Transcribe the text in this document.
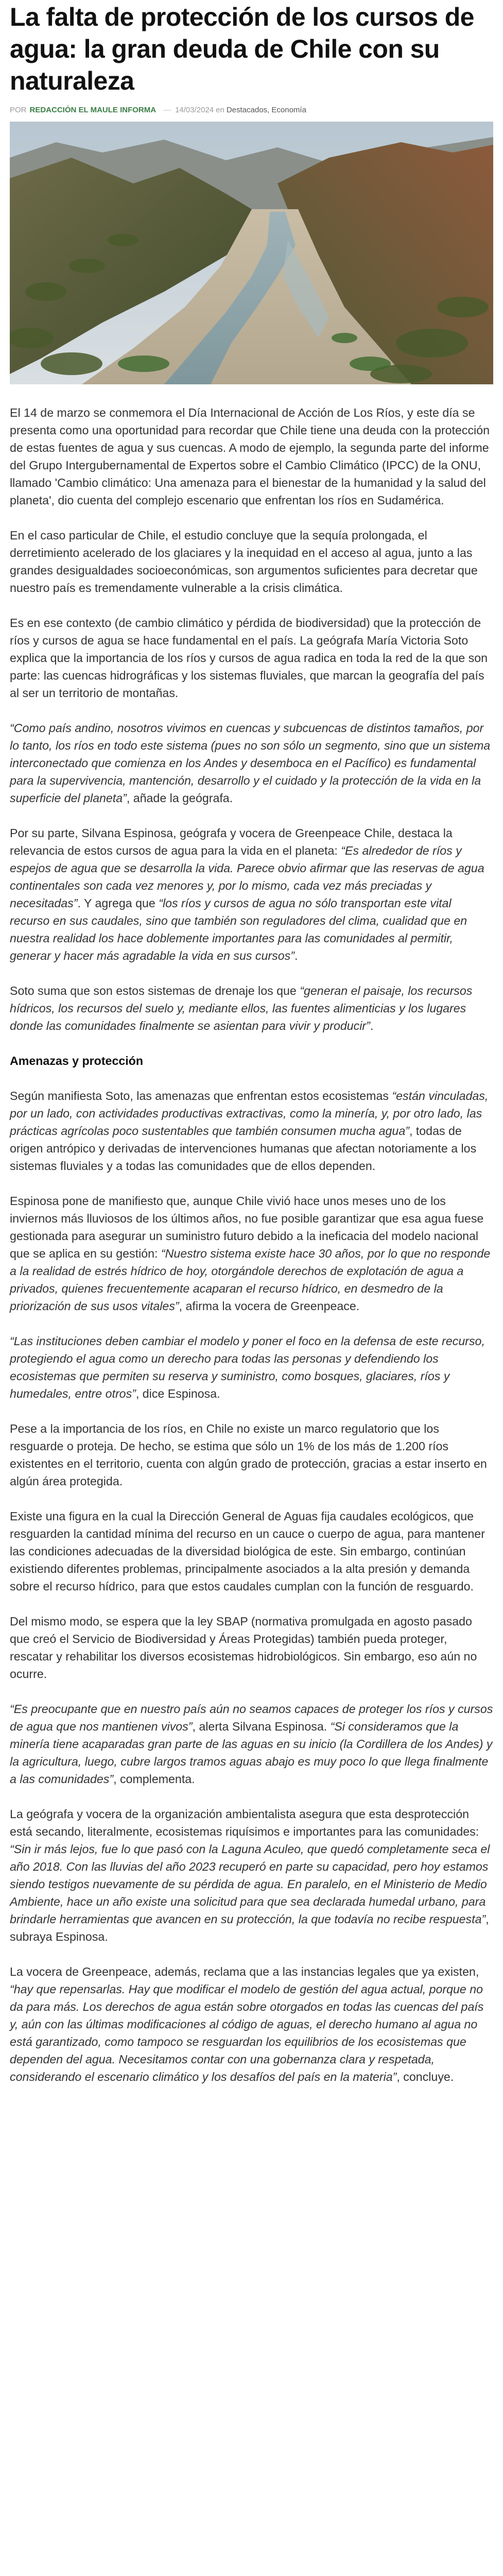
La falta de protección de los cursos de agua: la gran deuda de Chile con su naturaleza
POR REDACCIÓN EL MAULE INFORMA — 14/03/2024 en Destacados, Economía

El 14 de marzo se conmemora el Día Internacional de Acción de Los Ríos, y este día se presenta como una oportunidad para recordar que Chile tiene una deuda con la protección de estas fuentes de agua y sus cuencas. A modo de ejemplo, la segunda parte del informe del Grupo Intergubernamental de Expertos sobre el Cambio Climático (IPCC) de la ONU, llamado 'Cambio climático: Una amenaza para el bienestar de la humanidad y la salud del planeta', dio cuenta del complejo escenario que enfrentan los ríos en Sudamérica.

En el caso particular de Chile, el estudio concluye que la sequía prolongada, el derretimiento acelerado de los glaciares y la inequidad en el acceso al agua, junto a las grandes desigualdades socioeconómicas, son argumentos suficientes para decretar que nuestro país es tremendamente vulnerable a la crisis climática.

Es en ese contexto (de cambio climático y pérdida de biodiversidad) que la protección de ríos y cursos de agua se hace fundamental en el país. La geógrafa María Victoria Soto explica que la importancia de los ríos y cursos de agua radica en toda la red de la que son parte: las cuencas hidrográficas y los sistemas fluviales, que marcan la geografía del país al ser un territorio de montañas.

“Como país andino, nosotros vivimos en cuencas y subcuencas de distintos tamaños, por lo tanto, los ríos en todo este sistema (pues no son sólo un segmento, sino que un sistema interconectado que comienza en los Andes y desemboca en el Pacífico) es fundamental para la supervivencia, mantención, desarrollo y el cuidado y la protección de la vida en la superficie del planeta”, añade la geógrafa.

Por su parte, Silvana Espinosa, geógrafa y vocera de Greenpeace Chile, destaca la relevancia de estos cursos de agua para la vida en el planeta: “Es alrededor de ríos y espejos de agua que se desarrolla la vida. Parece obvio afirmar que las reservas de agua continentales son cada vez menores y, por lo mismo, cada vez más preciadas y necesitadas”. Y agrega que “los ríos y cursos de agua no sólo transportan este vital recurso en sus caudales, sino que también son reguladores del clima, cualidad que en nuestra realidad los hace doblemente importantes para las comunidades al permitir, generar y hacer más agradable la vida en sus cursos”.

Soto suma que son estos sistemas de drenaje los que “generan el paisaje, los recursos hídricos, los recursos del suelo y, mediante ellos, las fuentes alimenticias y los lugares donde las comunidades finalmente se asientan para vivir y producir”.

Amenazas y protección

Según manifiesta Soto, las amenazas que enfrentan estos ecosistemas “están vinculadas, por un lado, con actividades productivas extractivas, como la minería, y, por otro lado, las prácticas agrícolas poco sustentables que también consumen mucha agua”, todas de origen antrópico y derivadas de intervenciones humanas que afectan notoriamente a los sistemas fluviales y a todas las comunidades que de ellos dependen.

Espinosa pone de manifiesto que, aunque Chile vivió hace unos meses uno de los inviernos más lluviosos de los últimos años, no fue posible garantizar que esa agua fuese gestionada para asegurar un suministro futuro debido a la ineficacia del modelo nacional que se aplica en su gestión: “Nuestro sistema existe hace 30 años, por lo que no responde a la realidad de estrés hídrico de hoy, otorgándole derechos de explotación de agua a privados, quienes frecuentemente acaparan el recurso hídrico, en desmedro de la priorización de sus usos vitales”, afirma la vocera de Greenpeace.

“Las instituciones deben cambiar el modelo y poner el foco en la defensa de este recurso, protegiendo el agua como un derecho para todas las personas y defendiendo los ecosistemas que permiten su reserva y suministro, como bosques, glaciares, ríos y humedales, entre otros”, dice Espinosa.

Pese a la importancia de los ríos, en Chile no existe un marco regulatorio que los resguarde o proteja. De hecho, se estima que sólo un 1% de los más de 1.200 ríos existentes en el territorio, cuenta con algún grado de protección, gracias a estar inserto en algún área protegida.

Existe una figura en la cual la Dirección General de Aguas fija caudales ecológicos, que resguarden la cantidad mínima del recurso en un cauce o cuerpo de agua, para mantener las condiciones adecuadas de la diversidad biológica de este. Sin embargo, continúan existiendo diferentes problemas, principalmente asociados a la alta presión y demanda sobre el recurso hídrico, para que estos caudales cumplan con la función de resguardo.

Del mismo modo, se espera que la ley SBAP (normativa promulgada en agosto pasado que creó el Servicio de Biodiversidad y Áreas Protegidas) también pueda proteger, rescatar y rehabilitar los diversos ecosistemas hidrobiológicos. Sin embargo, eso aún no ocurre.

“Es preocupante que en nuestro país aún no seamos capaces de proteger los ríos y cursos de agua que nos mantienen vivos”, alerta Silvana Espinosa. “Si consideramos que la minería tiene acaparadas gran parte de las aguas en su inicio (la Cordillera de los Andes) y la agricultura, luego, cubre largos tramos aguas abajo es muy poco lo que llega finalmente a las comunidades”, complementa.

La geógrafa y vocera de la organización ambientalista asegura que esta desprotección está secando, literalmente, ecosistemas riquísimos e importantes para las comunidades: “Sin ir más lejos, fue lo que pasó con la Laguna Aculeo, que quedó completamente seca el año 2018. Con las lluvias del año 2023 recuperó en parte su capacidad, pero hoy estamos siendo testigos nuevamente de su pérdida de agua. En paralelo, en el Ministerio de Medio Ambiente, hace un año existe una solicitud para que sea declarada humedal urbano, para brindarle herramientas que avancen en su protección, la que todavía no recibe respuesta”, subraya Espinosa.

La vocera de Greenpeace, además, reclama que a las instancias legales que ya existen, “hay que repensarlas. Hay que modificar el modelo de gestión del agua actual, porque no da para más. Los derechos de agua están sobre otorgados en todas las cuencas del país y, aún con las últimas modificaciones al código de aguas, el derecho humano al agua no está garantizado, como tampoco se resguardan los equilibrios de los ecosistemas que dependen del agua. Necesitamos contar con una gobernanza clara y respetada, considerando el escenario climático y los desafíos del país en la materia”, concluye.
